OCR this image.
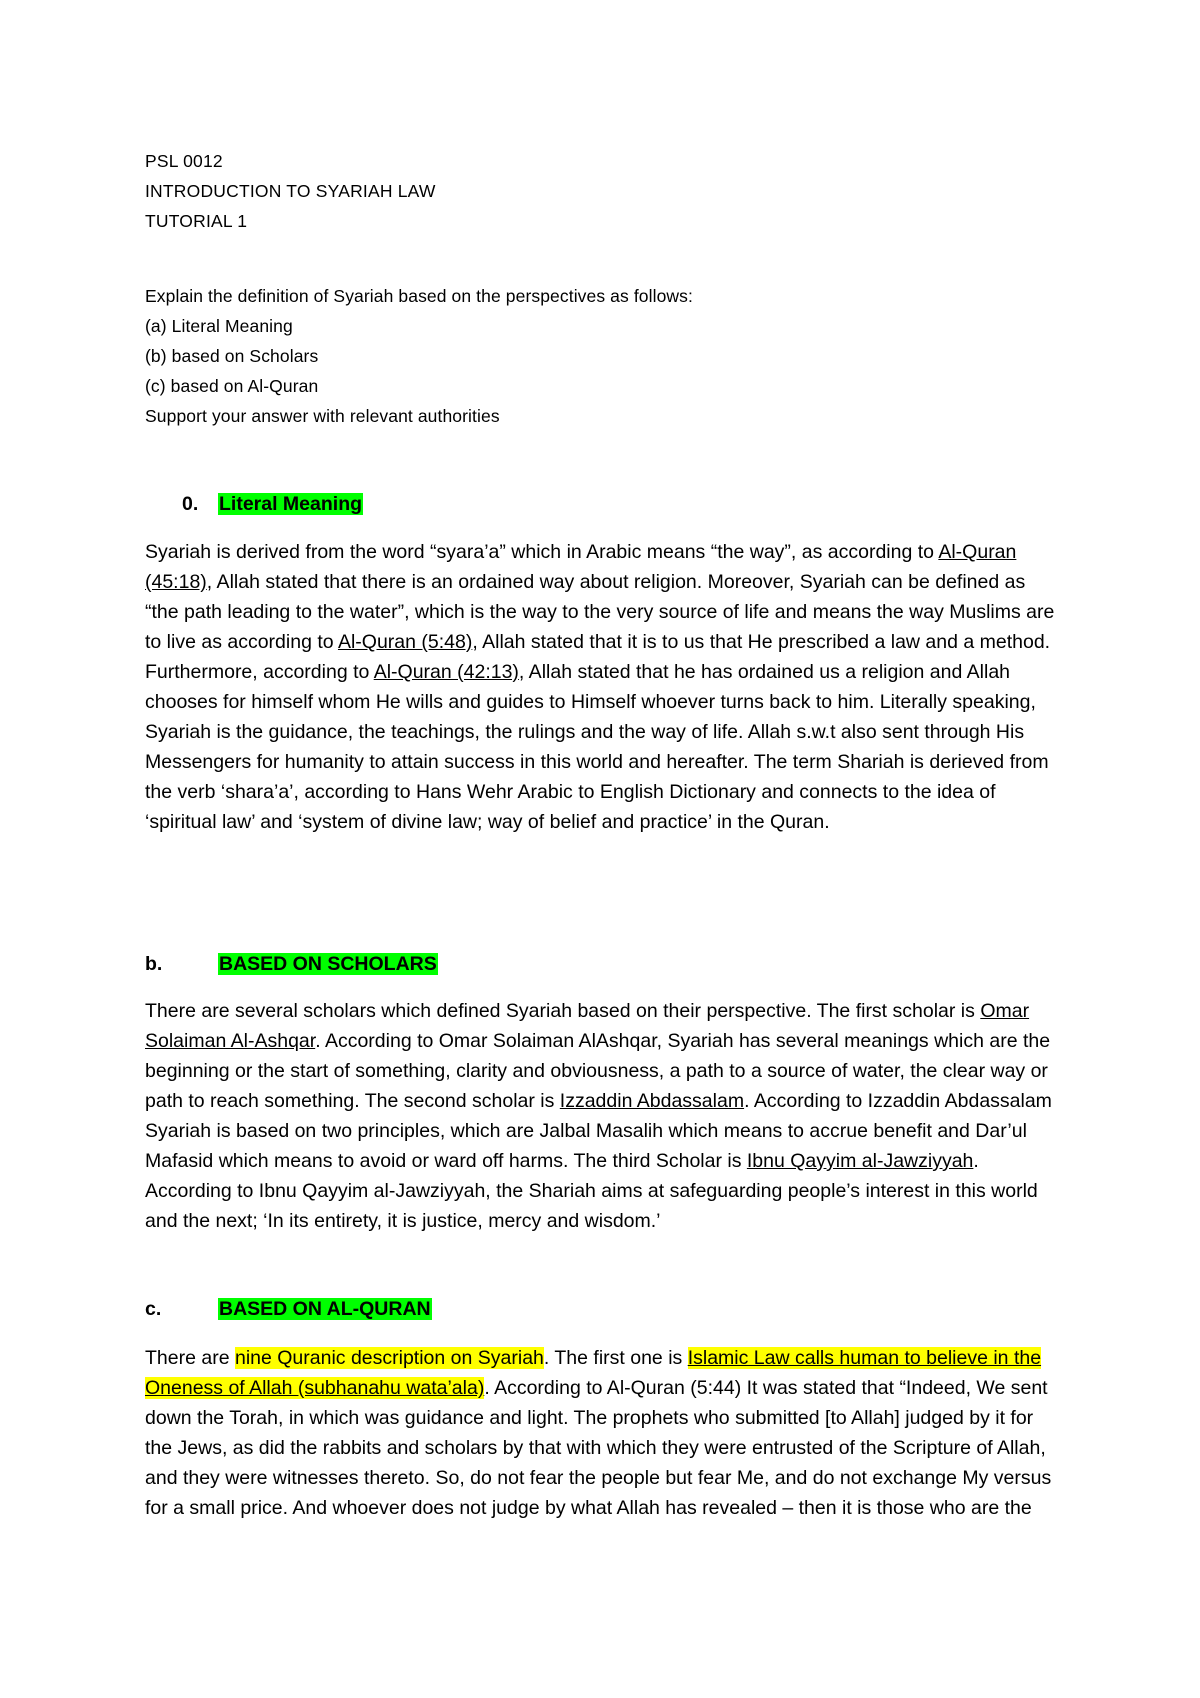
PSL 0012
INTRODUCTION TO SYARIAH LAW
TUTORIAL 1
Explain the definition of Syariah based on the perspectives as follows:
(a) Literal Meaning
(b) based on Scholars
(c) based on Al-Quran
Support your answer with relevant authorities
0. Literal Meaning

Syariah is derived from the word “syara’a” which in Arabic means “the way”, as according to Al-Quran (45:18), Allah stated that there is an ordained way about religion. Moreover, Syariah can be defined as “the path leading to the water”, which is the way to the very source of life and means the way Muslims are to live as according to Al-Quran (5:48), Allah stated that it is to us that He prescribed a law and a method. Furthermore, according to Al-Quran (42:13), Allah stated that he has ordained us a religion and Allah chooses for himself whom He wills and guides to Himself whoever turns back to him. Literally speaking, Syariah is the guidance, the teachings, the rulings and the way of life. Allah s.w.t also sent through His Messengers for humanity to attain success in this world and hereafter. The term Shariah is derieved from the verb ‘shara’a’, according to Hans Wehr Arabic to English Dictionary and connects to the idea of ‘spiritual law’ and ‘system of divine law; way of belief and practice’ in the Quran.

b.	BASED ON SCHOLARS

There are several scholars which defined Syariah based on their perspective. The first scholar is Omar Solaiman Al-Ashqar. According to Omar Solaiman AlAshqar, Syariah has several meanings which are the beginning or the start of something, clarity and obviousness, a path to a source of water, the clear way or path to reach something. The second scholar is Izzaddin Abdassalam. According to Izzaddin Abdassalam Syariah is based on two principles, which are Jalbal Masalih which means to accrue benefit and Dar’ul Mafasid which means to avoid or ward off harms. The third Scholar is Ibnu Qayyim al-Jawziyyah. According to Ibnu Qayyim al-Jawziyyah, the Shariah aims at safeguarding people’s interest in this world and the next; ‘In its entirety, it is justice, mercy and wisdom.’

c.	BASED ON AL-QURAN

There are nine Quranic description on Syariah. The first one is Islamic Law calls human to believe in the Oneness of Allah (subhanahu wata’ala). According to Al-Quran (5:44) It was stated that “Indeed, We sent down the Torah, in which was guidance and light. The prophets who submitted [to Allah] judged by it for the Jews, as did the rabbits and scholars by that with which they were entrusted of the Scripture of Allah, and they were witnesses thereto. So, do not fear the people but fear Me, and do not exchange My versus for a small price. And whoever does not judge by what Allah has revealed – then it is those who are the
